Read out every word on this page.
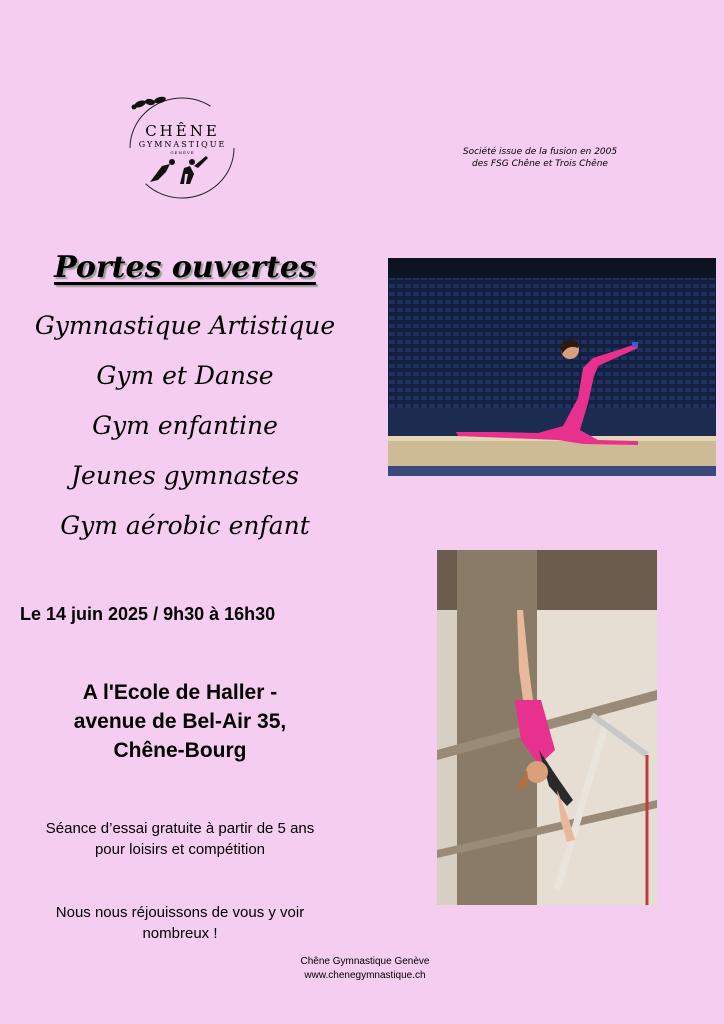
CHÊNE
GYMNASTIQUE
GENÈVE	Société issue de la fusion en 2005
des FSG Chêne et Trois Chêne
Portes ouvertes
Gymnastique Artistique
Gym et Danse
Gym enfantine
Jeunes gymnastes
Gym aérobic enfant
Le 14 juin 2025 / 9h30 à 16h30
A l'Ecole de Haller -
avenue de Bel-Air 35,
Chêne-Bourg
Séance d’essai gratuite à partir de 5 ans
pour loisirs et compétition
Nous nous réjouissons de vous y voir
nombreux !
Chêne Gymnastique Genève
www.chenegymnastique.ch
